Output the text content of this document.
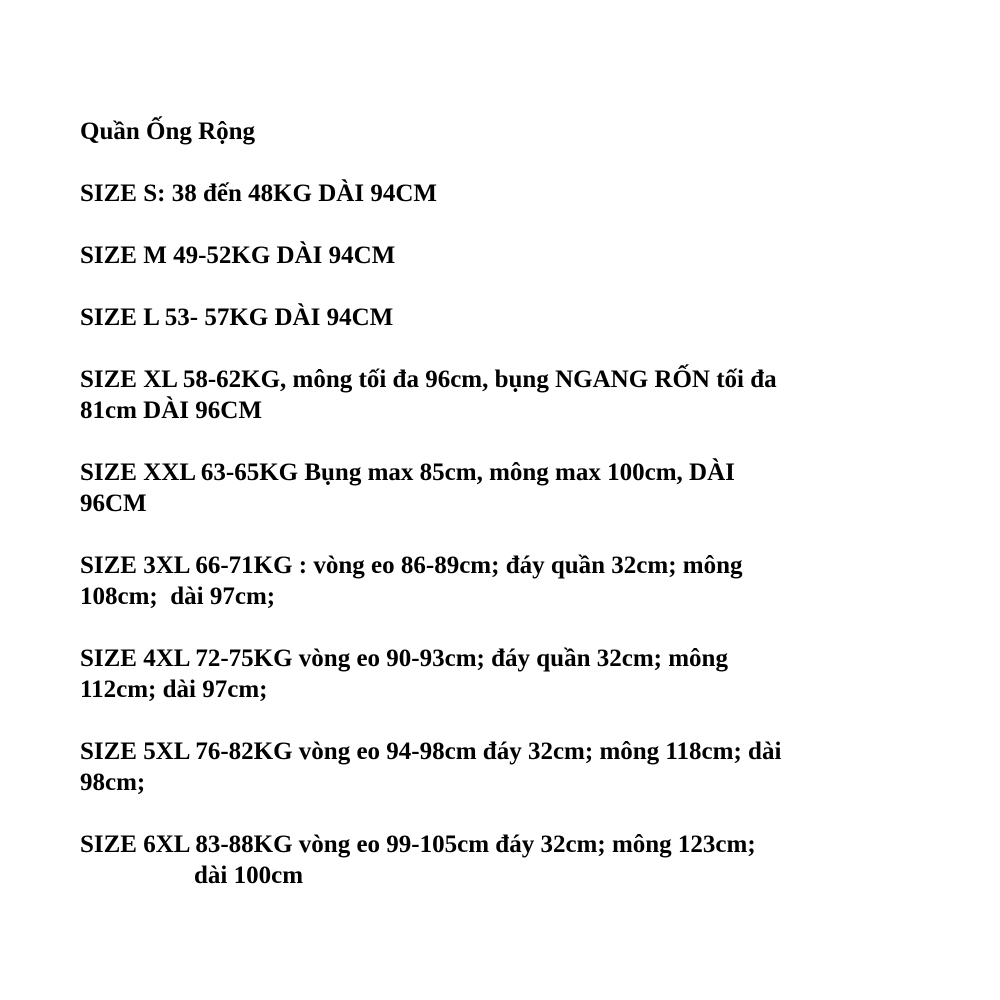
Quần Ống Rộng
SIZE S: 38 đến 48KG DÀI 94CM
SIZE M 49-52KG DÀI 94CM
SIZE L 53- 57KG DÀI 94CM
SIZE XL 58-62KG, mông tối đa 96cm, bụng NGANG RỐN tối đa
81cm DÀI 96CM
SIZE XXL 63-65KG Bụng max 85cm, mông max 100cm, DÀI
96CM
SIZE 3XL 66-71KG : vòng eo 86-89cm; đáy quần 32cm; mông
108cm;  dài 97cm;
SIZE 4XL 72-75KG vòng eo 90-93cm; đáy quần 32cm; mông
112cm; dài 97cm;
SIZE 5XL 76-82KG vòng eo 94-98cm đáy 32cm; mông 118cm; dài
98cm;
SIZE 6XL 83-88KG vòng eo 99-105cm đáy 32cm; mông 123cm;
dài 100cm
